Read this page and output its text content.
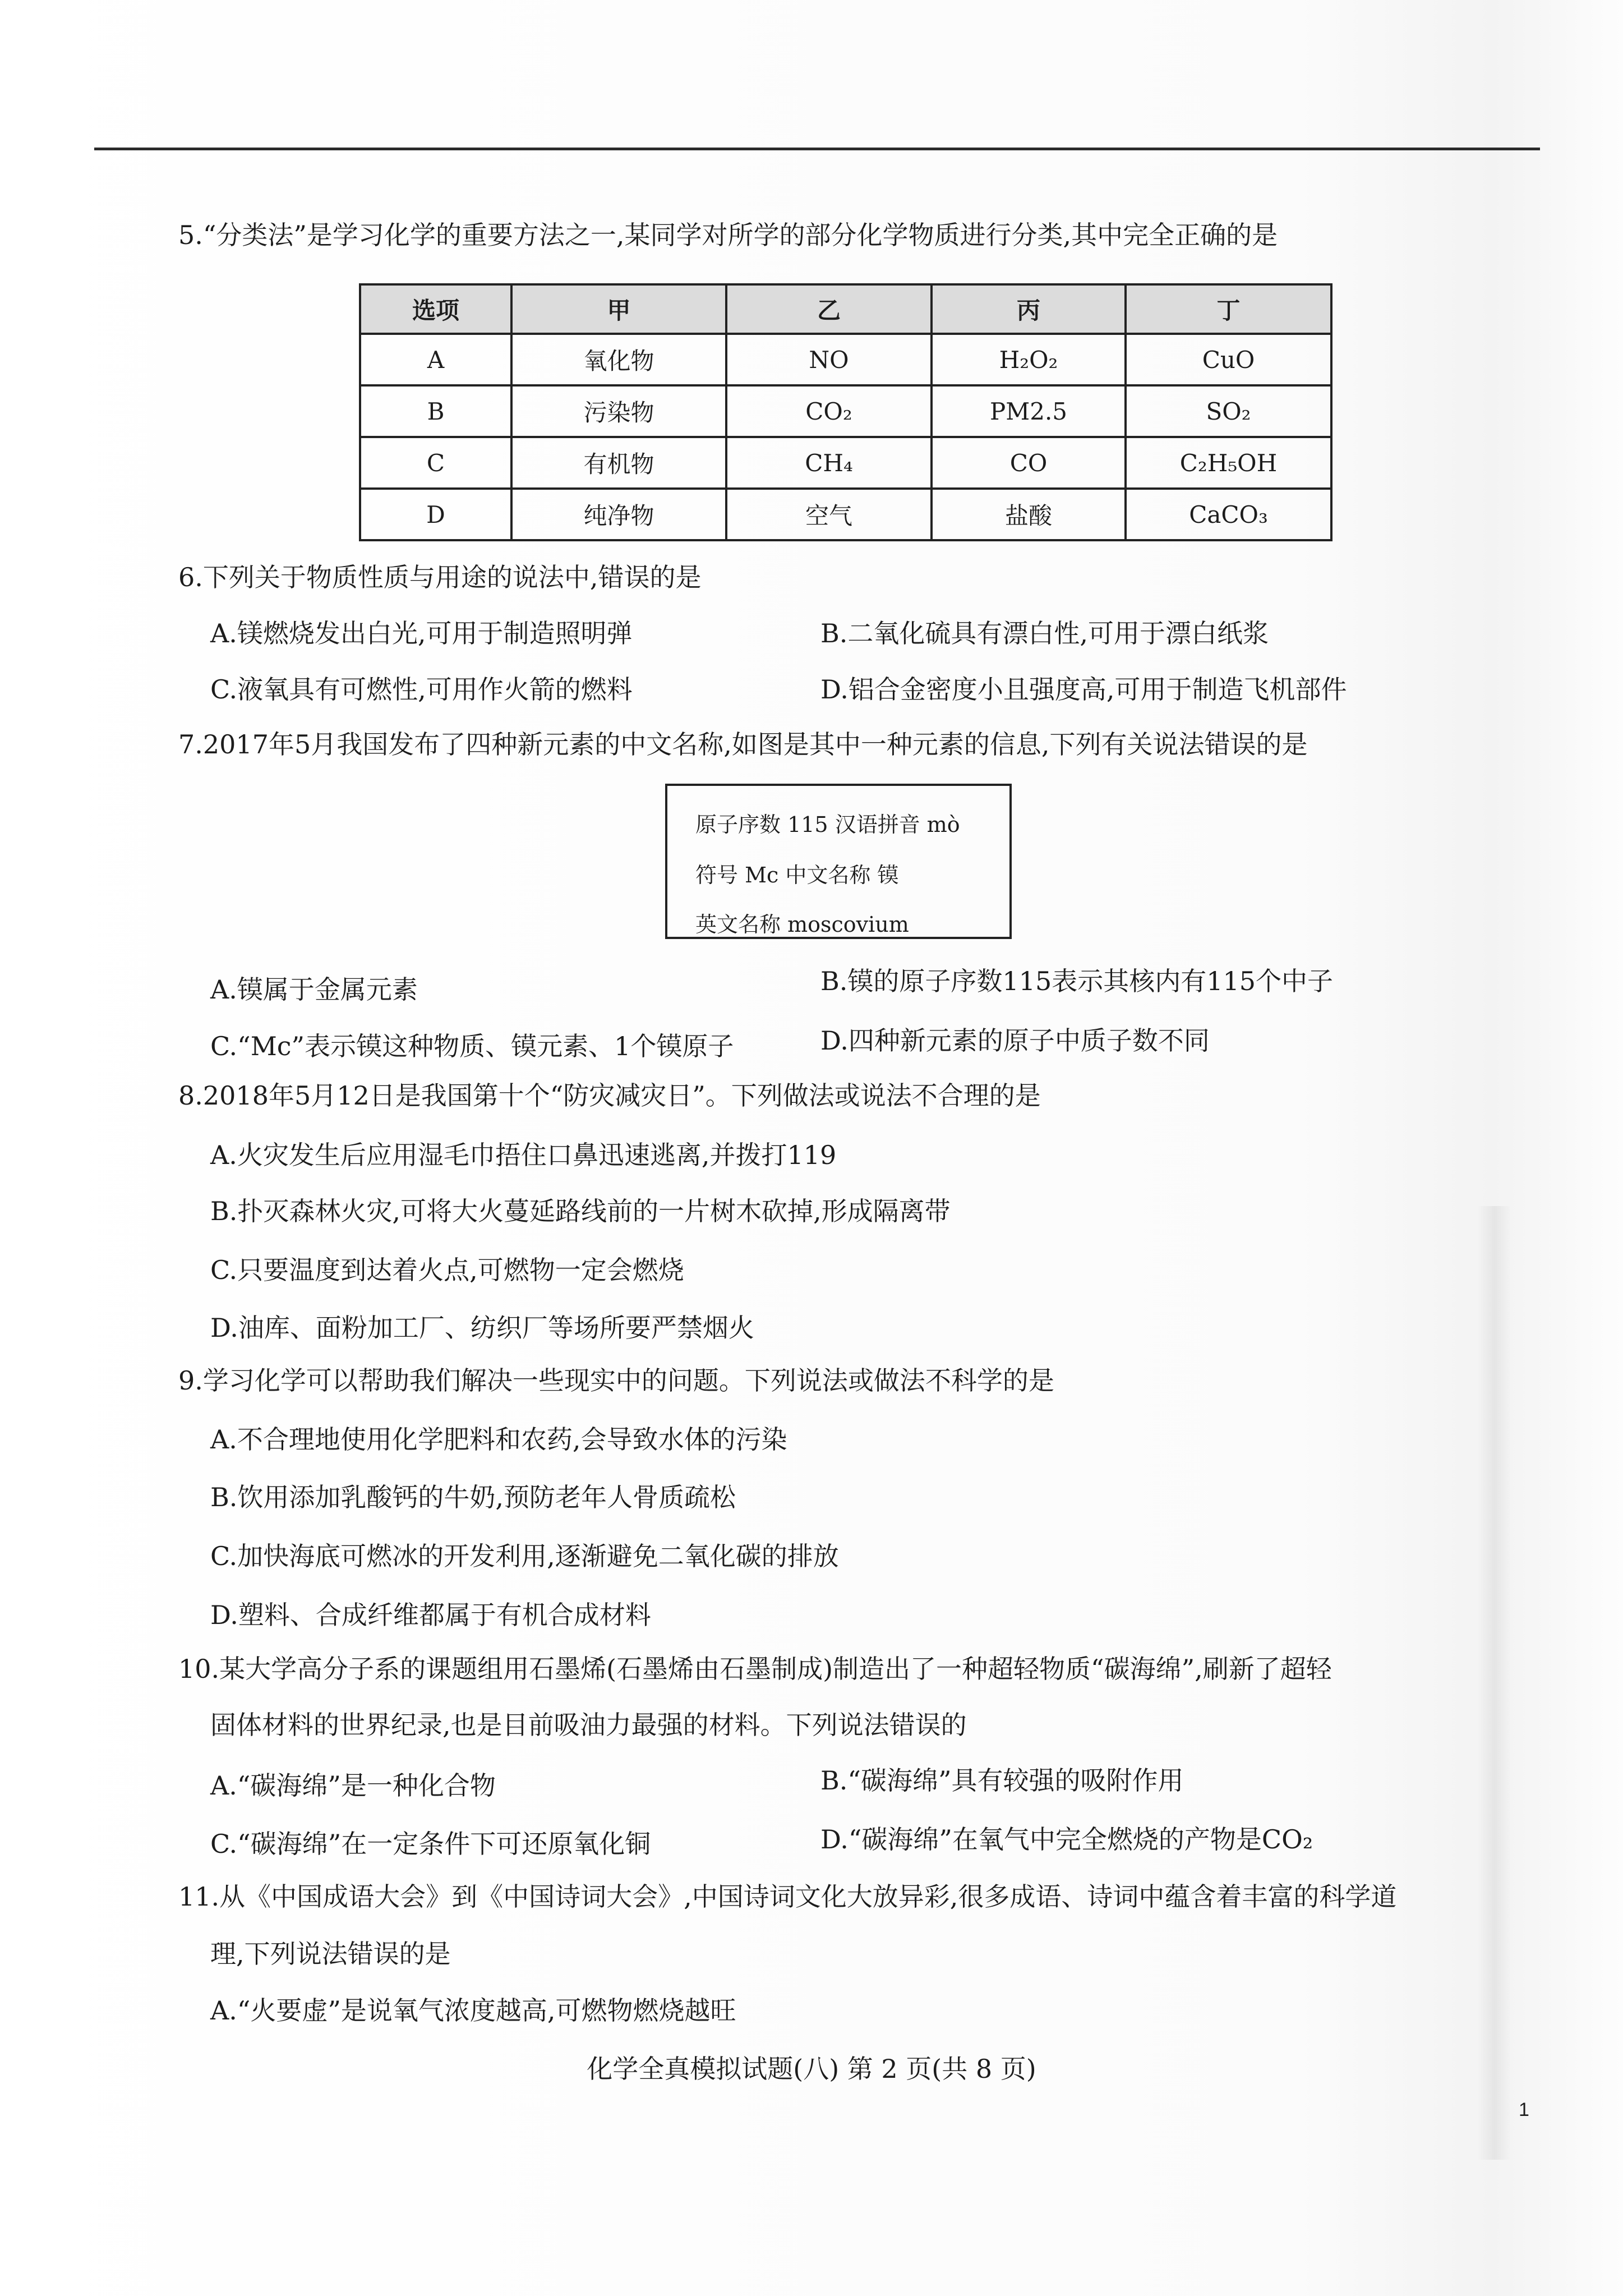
5.“分类法”是学习化学的重要方法之一,某同学对所学的部分化学物质进行分类,其中完全正确的是
选项	甲	乙	丙	丁
A	氧化物	NO	H₂O₂	CuO
B	污染物	CO₂	PM2.5	SO₂
C	有机物	CH₄	CO	C₂H₅OH
D	纯净物	空气	盐酸	CaCO₃
6.下列关于物质性质与用途的说法中,错误的是
A.镁燃烧发出白光,可用于制造照明弹	B.二氧化硫具有漂白性,可用于漂白纸浆
C.液氧具有可燃性,可用作火箭的燃料	D.铝合金密度小且强度高,可用于制造飞机部件
7.2017年5月我国发布了四种新元素的中文名称,如图是其中一种元素的信息,下列有关说法错误的是
原子序数 115 汉语拼音 mò
符号 Mc 中文名称 镆
英文名称 moscovium
A.镆属于金属元素	B.镆的原子序数115表示其核内有115个中子
C.“Mc”表示镆这种物质、镆元素、1个镆原子	D.四种新元素的原子中质子数不同
8.2018年5月12日是我国第十个“防灾减灾日”。下列做法或说法不合理的是
A.火灾发生后应用湿毛巾捂住口鼻迅速逃离,并拨打119
B.扑灭森林火灾,可将大火蔓延路线前的一片树木砍掉,形成隔离带
C.只要温度到达着火点,可燃物一定会燃烧
D.油库、面粉加工厂、纺织厂等场所要严禁烟火
9.学习化学可以帮助我们解决一些现实中的问题。下列说法或做法不科学的是
A.不合理地使用化学肥料和农药,会导致水体的污染
B.饮用添加乳酸钙的牛奶,预防老年人骨质疏松
C.加快海底可燃冰的开发利用,逐渐避免二氧化碳的排放
D.塑料、合成纤维都属于有机合成材料
10.某大学高分子系的课题组用石墨烯(石墨烯由石墨制成)制造出了一种超轻物质“碳海绵”,刷新了超轻
固体材料的世界纪录,也是目前吸油力最强的材料。下列说法错误的
A.“碳海绵”是一种化合物	B.“碳海绵”具有较强的吸附作用
C.“碳海绵”在一定条件下可还原氧化铜	D.“碳海绵”在氧气中完全燃烧的产物是CO₂
11.从《中国成语大会》到《中国诗词大会》,中国诗词文化大放异彩,很多成语、诗词中蕴含着丰富的科学道
理,下列说法错误的是
A.“火要虚”是说氧气浓度越高,可燃物燃烧越旺
化学全真模拟试题(八) 第 2 页(共 8 页)
1
